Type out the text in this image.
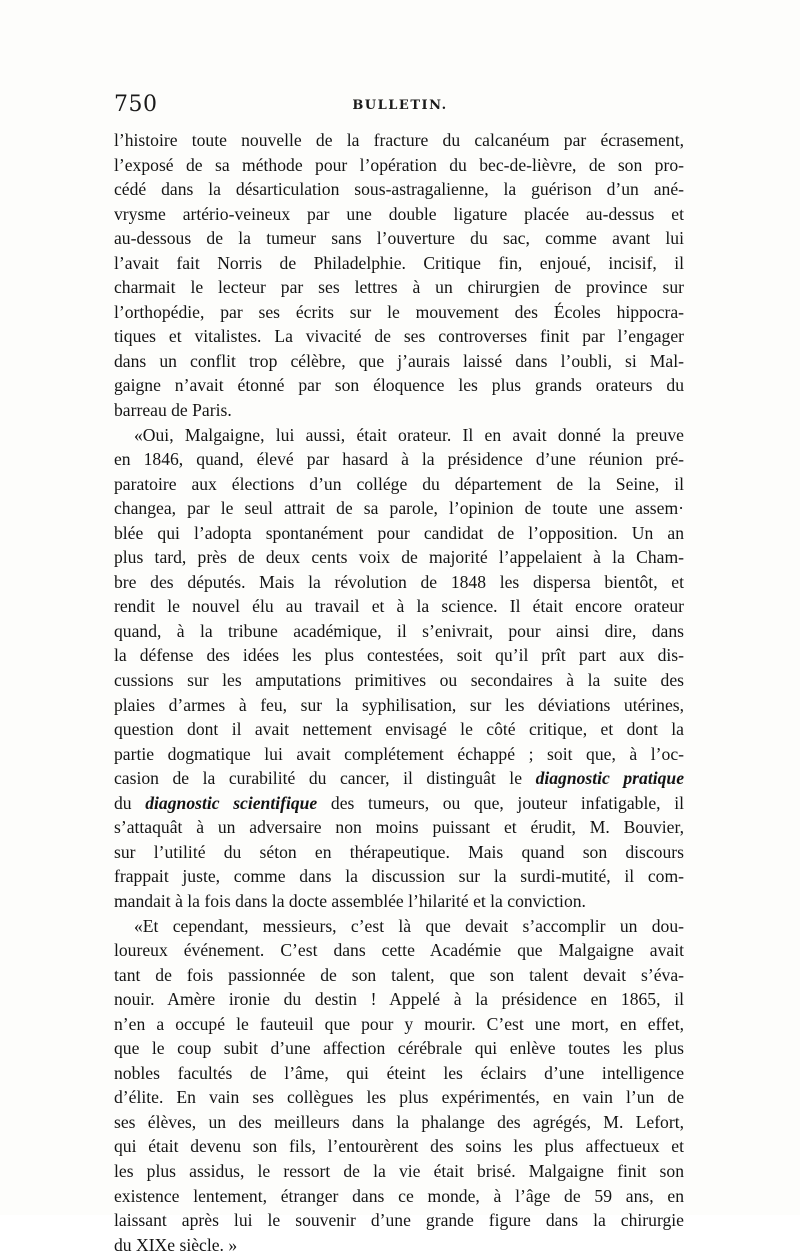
750	BULLETIN.
l’histoire toute nouvelle de la fracture du calcanéum par écrasement,
l’exposé de sa méthode pour l’opération du bec-de-lièvre, de son pro-
cédé dans la désarticulation sous-astragalienne, la guérison d’un ané-
vrysme artério-veineux par une double ligature placée au-dessus et
au-dessous de la tumeur sans l’ouverture du sac, comme avant lui
l’avait fait Norris de Philadelphie. Critique fin, enjoué, incisif, il
charmait le lecteur par ses lettres à un chirurgien de province sur
l’orthopédie, par ses écrits sur le mouvement des Écoles hippocra-
tiques et vitalistes. La vivacité de ses controverses finit par l’engager
dans un conflit trop célèbre, que j’aurais laissé dans l’oubli, si Mal-
gaigne n’avait étonné par son éloquence les plus grands orateurs du
barreau de Paris.
«Oui, Malgaigne, lui aussi, était orateur. Il en avait donné la preuve
en 1846, quand, élevé par hasard à la présidence d’une réunion pré-
paratoire aux élections d’un collége du département de la Seine, il
changea, par le seul attrait de sa parole, l’opinion de toute une assem·
blée qui l’adopta spontanément pour candidat de l’opposition. Un an
plus tard, près de deux cents voix de majorité l’appelaient à la Cham-
bre des députés. Mais la révolution de 1848 les dispersa bientôt, et
rendit le nouvel élu au travail et à la science. Il était encore orateur
quand, à la tribune académique, il s’enivrait, pour ainsi dire, dans
la défense des idées les plus contestées, soit qu’il prît part aux dis-
cussions sur les amputations primitives ou secondaires à la suite des
plaies d’armes à feu, sur la syphilisation, sur les déviations utérines,
question dont il avait nettement envisagé le côté critique, et dont la
partie dogmatique lui avait complétement échappé ; soit que, à l’oc-
casion de la curabilité du cancer, il distinguât le diagnostic pratique
du diagnostic scientifique des tumeurs, ou que, jouteur infatigable, il
s’attaquât à un adversaire non moins puissant et érudit, M. Bouvier,
sur l’utilité du séton en thérapeutique. Mais quand son discours
frappait juste, comme dans la discussion sur la surdi-mutité, il com-
mandait à la fois dans la docte assemblée l’hilarité et la conviction.
«Et cependant, messieurs, c’est là que devait s’accomplir un dou-
loureux événement. C’est dans cette Académie que Malgaigne avait
tant de fois passionnée de son talent, que son talent devait s’éva-
nouir. Amère ironie du destin ! Appelé à la présidence en 1865, il
n’en a occupé le fauteuil que pour y mourir. C’est une mort, en effet,
que le coup subit d’une affection cérébrale qui enlève toutes les plus
nobles facultés de l’âme, qui éteint les éclairs d’une intelligence
d’élite. En vain ses collègues les plus expérimentés, en vain l’un de
ses élèves, un des meilleurs dans la phalange des agrégés, M. Lefort,
qui était devenu son fils, l’entourèrent des soins les plus affectueux et
les plus assidus, le ressort de la vie était brisé. Malgaigne finit son
existence lentement, étranger dans ce monde, à l’âge de 59 ans, en
laissant après lui le souvenir d’une grande figure dans la chirurgie
du XIXe siècle. »
